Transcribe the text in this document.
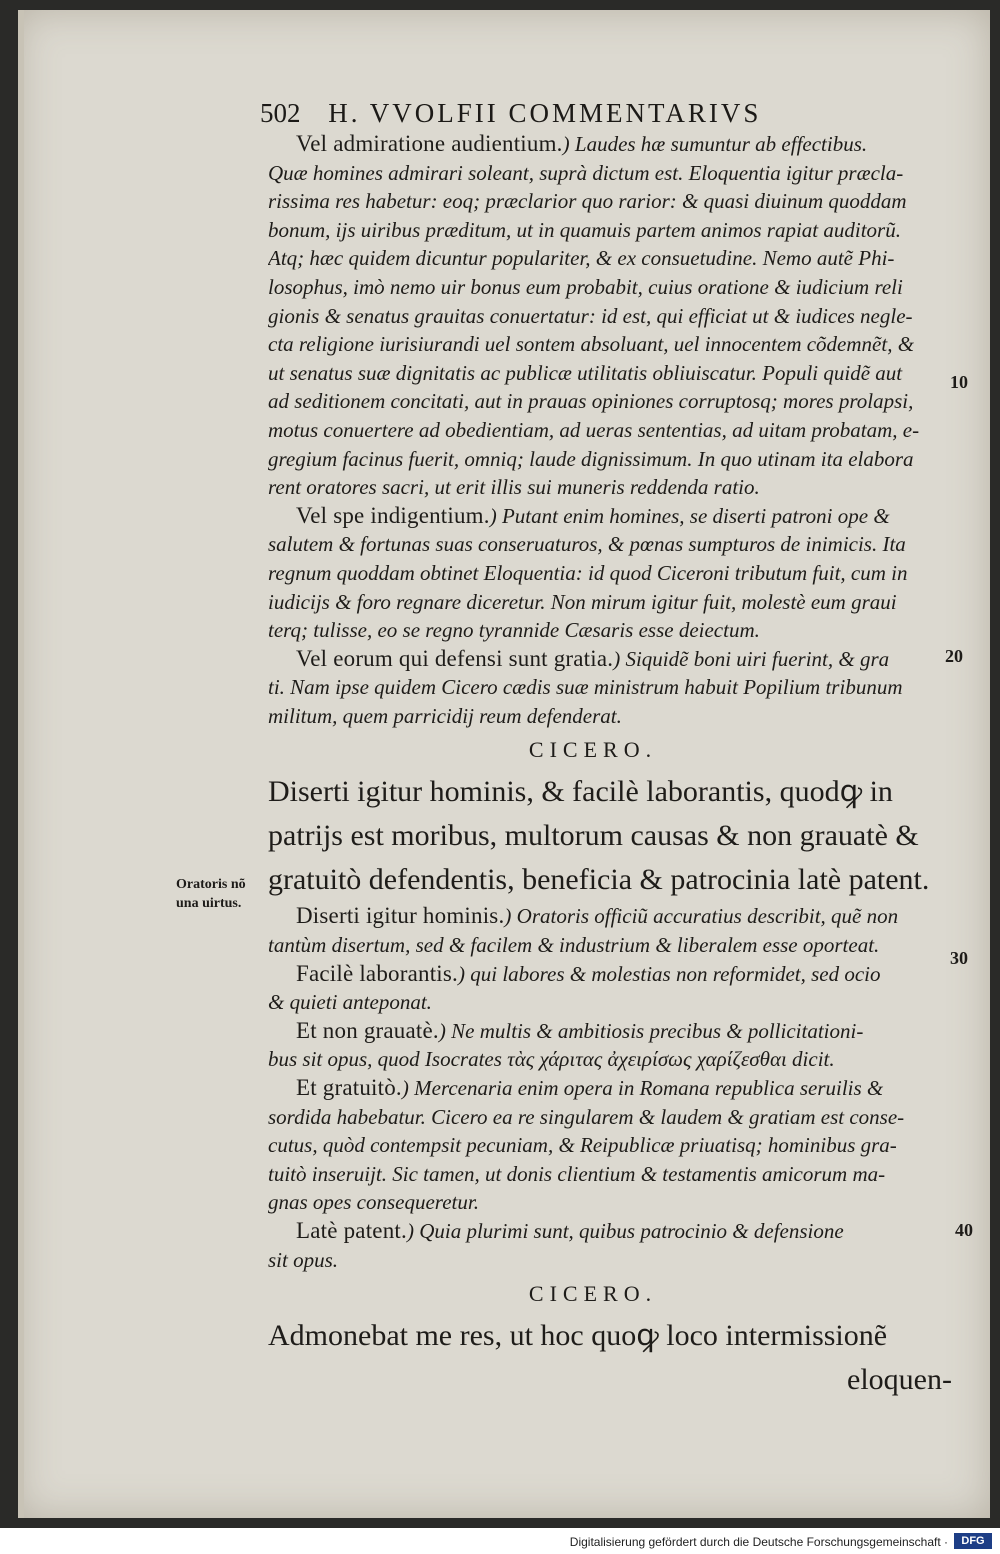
502 H. VVOLFII COMMENTARIVS
Vel admiratione audientium.) Laudes hæ sumuntur ab effectibus.
Quæ homines admirari soleant, suprà dictum est. Eloquentia igitur præcla-
rissima res habetur: eoq; præclarior quo rarior: & quasi diuinum quoddam
bonum, ijs uiribus præditum, ut in quamuis partem animos rapiat auditorũ.
Atq; hæc quidem dicuntur populariter, & ex consuetudine. Nemo autẽ Phi-
losophus, imò nemo uir bonus eum probabit, cuius oratione & iudicium reli
gionis & senatus grauitas conuertatur: id est, qui efficiat ut & iudices negle-
cta religione iurisiurandi uel sontem absoluant, uel innocentem cõdemnẽt, &
ut senatus suæ dignitatis ac publicæ utilitatis obliuiscatur. Populi quidẽ aut
ad seditionem concitati, aut in prauas opiniones corruptosq; mores prolapsi,
motus conuertere ad obedientiam, ad ueras sententias, ad uitam probatam, e-
gregium facinus fuerit, omniq; laude dignissimum. In quo utinam ita elabora
rent oratores sacri, ut erit illis sui muneris reddenda ratio.
Vel spe indigentium.) Putant enim homines, se diserti patroni ope &
salutem & fortunas suas conseruaturos, & pœnas sumpturos de inimicis. Ita
regnum quoddam obtinet Eloquentia: id quod Ciceroni tributum fuit, cum in
iudicijs & foro regnare diceretur. Non mirum igitur fuit, molestè eum graui
terq; tulisse, eo se regno tyrannide Cæsaris esse deiectum.
Vel eorum qui defensi sunt gratia.) Siquidẽ boni uiri fuerint, & gra
ti. Nam ipse quidem Cicero cædis suæ ministrum habuit Popilium tribunum
militum, quem parricidij reum defenderat.
CICERO.
Diserti igitur hominis, & facilè laborantis, quodꝙ in
patrijs est moribus, multorum causas & non grauatè &
gratuitò defendentis, beneficia & patrocinia latè patent.
Diserti igitur hominis.) Oratoris officiũ accuratius describit, quẽ non
tantùm disertum, sed & facilem & industrium & liberalem esse oporteat.
Facilè laborantis.) qui labores & molestias non reformidet, sed ocio
& quieti anteponat.
Et non grauatè.) Ne multis & ambitiosis precibus & pollicitationi-
bus sit opus, quod Isocrates τὰς χάριτας ἀχειρίσως χαρίζεσθαι dicit.
Et gratuitò.) Mercenaria enim opera in Romana republica seruilis &
sordida habebatur. Cicero ea re singularem & laudem & gratiam est conse-
cutus, quòd contempsit pecuniam, & Reipublicæ priuatisq; hominibus gra-
tuitò inseruijt. Sic tamen, ut donis clientium & testamentis amicorum ma-
gnas opes consequeretur.
Latè patent.) Quia plurimi sunt, quibus patrocinio & defensione
sit opus.
CICERO.
Admonebat me res, ut hoc quoꝙ loco intermissionẽ
eloquen-
10
20
30
40
Oratoris nõ
una uirtus.
Digitalisierung gefördert durch die Deutsche Forschungsgemeinschaft ·	DFG
